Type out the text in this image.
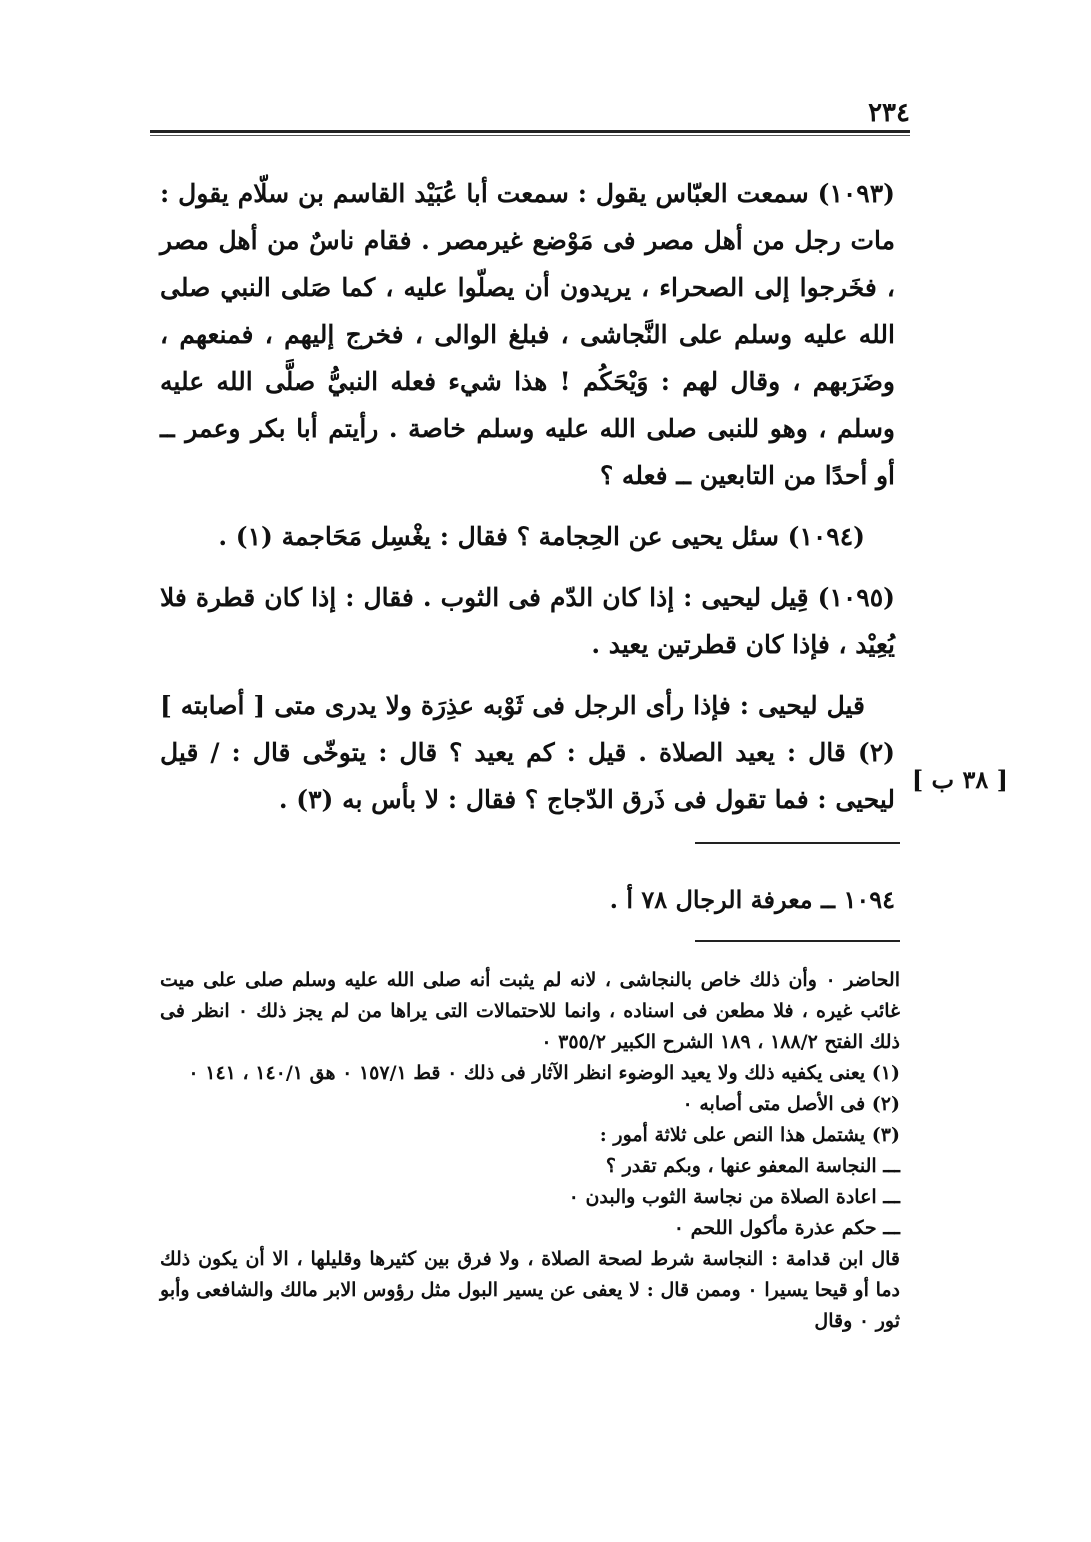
٢٣٤

(١٠٩٣) سمعت العبّاس يقول : سمعت أبا عُبَيْد القاسم بن سلّام يقول : مات رجل من أهل مصر فى مَوْضع غيرمصر . فقام ناسٌ من أهل مصر ، فخَرجوا إلى الصحراء ، يريدون أن يصلّوا عليه ، كما صَلى النبي صلى الله عليه وسلم على النَّجاشى ، فبلغ الوالى ، فخرج إليهم ، فمنعهم ، وضَرَبهم ، وقال لهم : وَيْحَكُم ! هذا شيء فعله النبيُّ صلَّى الله عليه وسلم ، وهو للنبى صلى الله عليه وسلم خاصة . رأيتم أبا بكر وعمر ــ أو أحدًا من التابعين ــ فعله ؟

(١٠٩٤) سئل يحيى عن الحِجامة ؟ فقال : يغْسِل مَحَاجمة (١) .

(١٠٩٥) قِيل ليحيى : إذا كان الدّم فى الثوب . فقال : إذا كان قطرة فلا يُعِيْد ، فإذا كان قطرتين يعيد .

قيل ليحيى : فإذا رأى الرجل فى ثَوْبه عذِرَة ولا يدرى متى [ أصابته ] (٢) قال : يعيد الصلاة . قيل : كم يعيد ؟ قال : يتوخّى قال : / قيل ليحيى : فما تقول فى ذَرق الدّجاج ؟ فقال : لا بأس به (٣) .

[ ٣٨ ب ]
١٠٩٤ ــ معرفة الرجال ٧٨ أ .

الحاضر ٠ وأن ذلك خاص بالنجاشى ، لانه لم يثبت أنه صلى الله عليه وسلم صلى على ميت غائب غيره ، فلا مطعن فى اسناده ، وانما للاحتمالات التى يراها من لم يجز ذلك ٠ انظر فى ذلك الفتح ١٨٨/٢ ، ١٨٩ الشرح الكبير ٣٥٥/٢ ٠

(١) يعنى يكفيه ذلك ولا يعيد الوضوء انظر الآثار فى ذلك ٠ قط ١٥٧/١ ٠ هق ١٤٠/١ ، ١٤١ ٠

(٢) فى الأصل متى أصابه ٠

(٣) يشتمل هذا النص على ثلاثة أمور :

ـــ النجاسة المعفو عنها ، وبكم تقدر ؟

ـــ اعادة الصلاة من نجاسة الثوب والبدن ٠

ـــ حكم عذرة مأكول اللحم ٠

قال ابن قدامة : النجاسة شرط لصحة الصلاة ، ولا فرق بين كثيرها وقليلها ، الا أن يكون ذلك دما أو قيحا يسيرا ٠ وممن قال : لا يعفى عن يسير البول مثل رؤوس الابر مالك والشافعى وأبو ثور ٠ وقال
